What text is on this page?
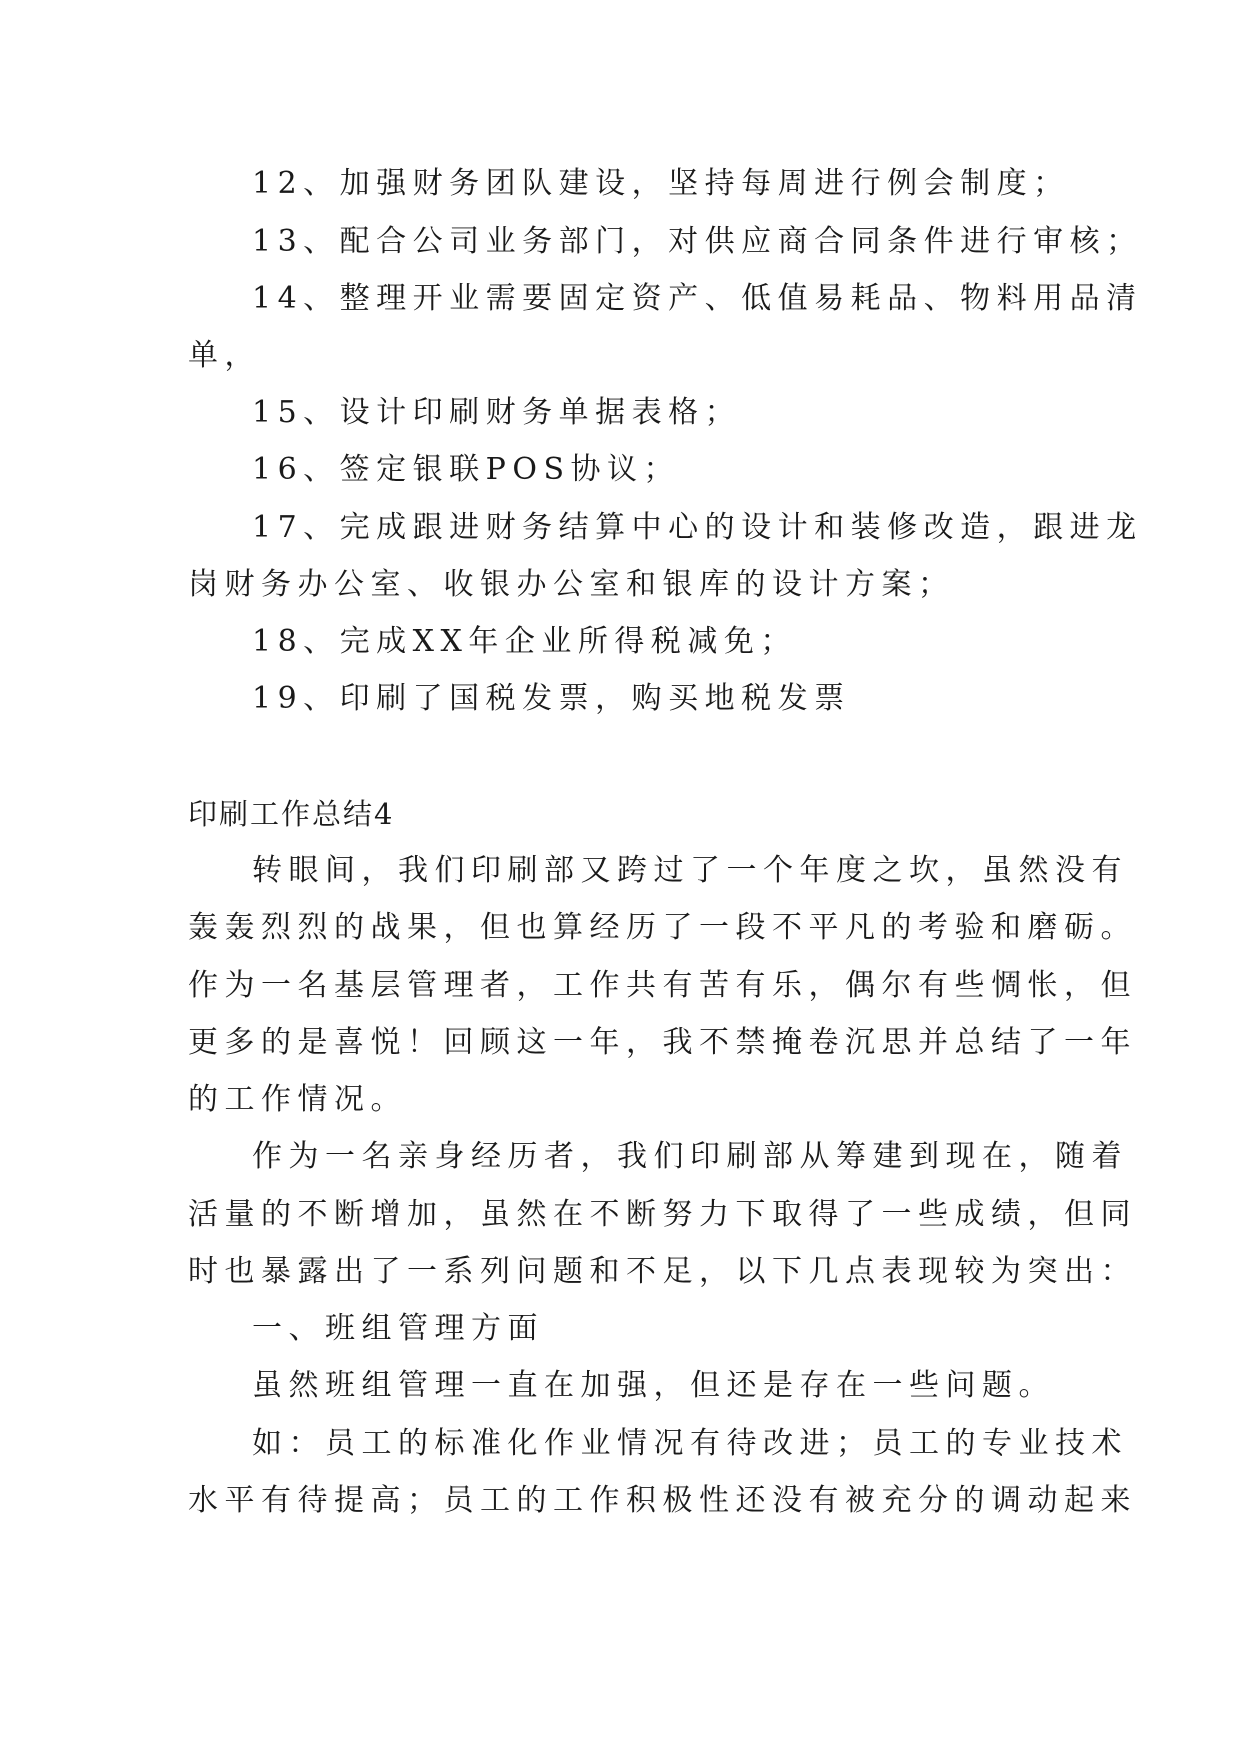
12、加强财务团队建设，坚持每周进行例会制度；
13、配合公司业务部门，对供应商合同条件进行审核；
14、整理开业需要固定资产、低值易耗品、物料用品清
单，
15、设计印刷财务单据表格；
16、签定银联POS协议；
17、完成跟进财务结算中心的设计和装修改造，跟进龙
岗财务办公室、收银办公室和银库的设计方案；
18、完成XX年企业所得税减免；
19、印刷了国税发票，购买地税发票
印刷工作总结4
转眼间，我们印刷部又跨过了一个年度之坎，虽然没有
轰轰烈烈的战果，但也算经历了一段不平凡的考验和磨砺。
作为一名基层管理者，工作共有苦有乐，偶尔有些惆怅，但
更多的是喜悦！回顾这一年，我不禁掩卷沉思并总结了一年
的工作情况。
作为一名亲身经历者，我们印刷部从筹建到现在，随着
活量的不断增加，虽然在不断努力下取得了一些成绩，但同
时也暴露出了一系列问题和不足，以下几点表现较为突出：
一、班组管理方面
虽然班组管理一直在加强，但还是存在一些问题。
如：员工的标准化作业情况有待改进；员工的专业技术
水平有待提高；员工的工作积极性还没有被充分的调动起来
